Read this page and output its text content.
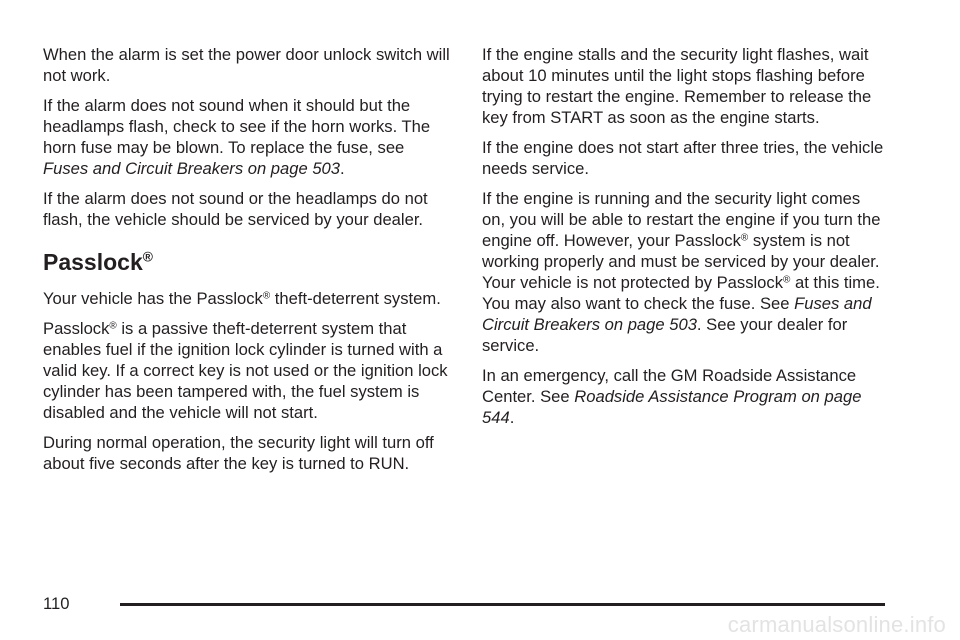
When the alarm is set the power door unlock switch will not work.

If the alarm does not sound when it should but the headlamps flash, check to see if the horn works. The horn fuse may be blown. To replace the fuse, see Fuses and Circuit Breakers on page 503.

If the alarm does not sound or the headlamps do not flash, the vehicle should be serviced by your dealer.

Passlock®

Your vehicle has the Passlock® theft-deterrent system.

Passlock® is a passive theft-deterrent system that enables fuel if the ignition lock cylinder is turned with a valid key. If a correct key is not used or the ignition lock cylinder has been tampered with, the fuel system is disabled and the vehicle will not start.

During normal operation, the security light will turn off about five seconds after the key is turned to RUN.

If the engine stalls and the security light flashes, wait about 10 minutes until the light stops flashing before trying to restart the engine. Remember to release the key from START as soon as the engine starts.

If the engine does not start after three tries, the vehicle needs service.

If the engine is running and the security light comes on, you will be able to restart the engine if you turn the engine off. However, your Passlock® system is not working properly and must be serviced by your dealer. Your vehicle is not protected by Passlock® at this time. You may also want to check the fuse. See Fuses and Circuit Breakers on page 503. See your dealer for service.

In an emergency, call the GM Roadside Assistance Center. See Roadside Assistance Program on page 544.

110
carmanualsonline.info
